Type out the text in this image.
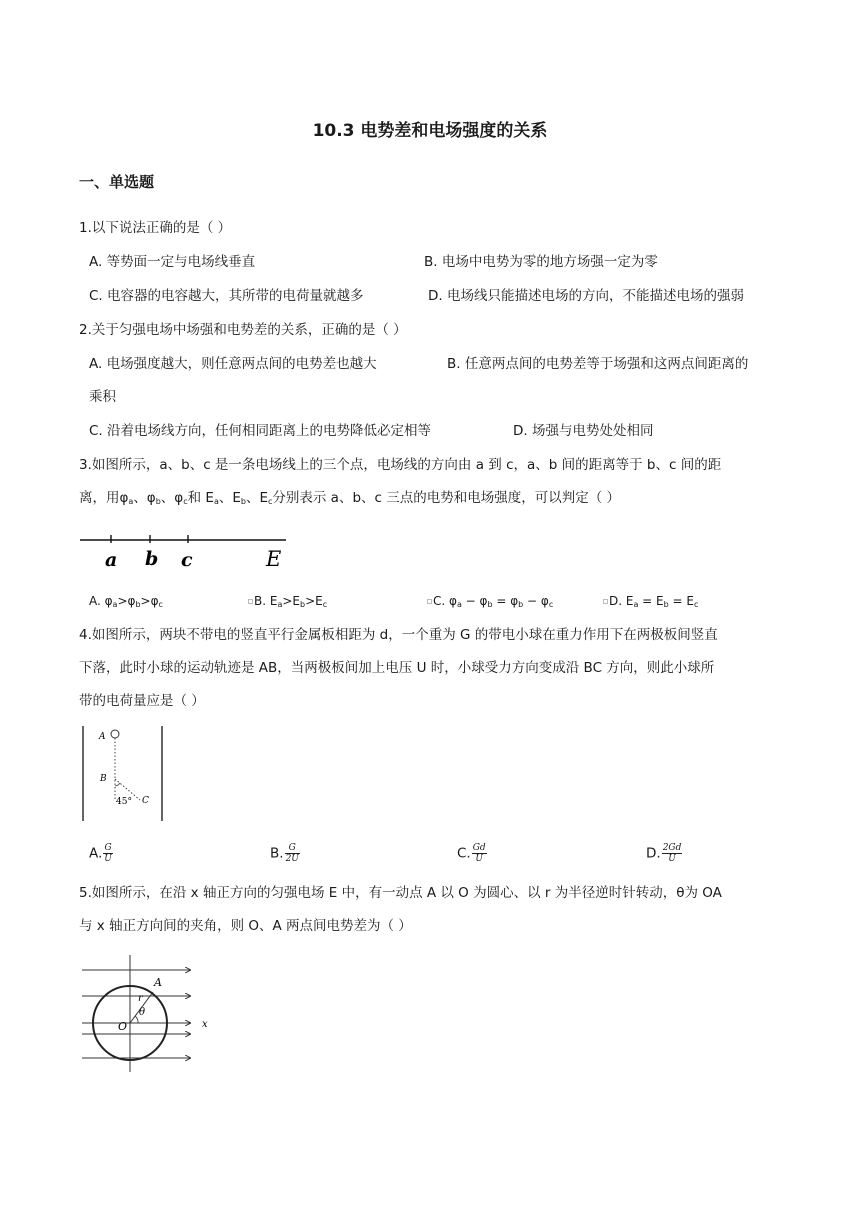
10.3 电势差和电场强度的关系
一、单选题
1.以下说法正确的是（ ）
A. 等势面一定与电场线垂直	B. 电场中电势为零的地方场强一定为零
C. 电容器的电容越大，其所带的电荷量就越多	D. 电场线只能描述电场的方向，不能描述电场的强弱
2.关于匀强电场中场强和电势差的关系，正确的是（ ）
A. 电场强度越大，则任意两点间的电势差也越大	B. 任意两点间的电势差等于场强和这两点间距离的
乘积
C. 沿着电场线方向，任何相同距离上的电势降低必定相等	D. 场强与电势处处相同
3.如图所示，a、b、c 是一条电场线上的三个点，电场线的方向由 a 到 c，a、b 间的距离等于 b、c 间的距
离，用$\varphi_a$、$\varphi_b$、$\varphi_c$和 $E_a$、$E_b$、$E_c$分别表示 a、b、c 三点的电势和电场强度，可以判定（ ）
a b c	E
A. $\varphi_a>\varphi_b>\varphi_c$	B. $E_a>E_b>E_c$	C. $\varphi_a - \varphi_b = \varphi_b - \varphi_c$	D. $E_a = E_b = E_c$
4.如图所示，两块不带电的竖直平行金属板相距为 d，一个重为 G 的带电小球在重力作用下在两极板间竖直
下落，此时小球的运动轨迹是 AB，当两极板间加上电压 U 时，小球受力方向变成沿 BC 方向，则此小球所
带的电荷量应是（ ）
A
B
45° C
A. $\frac{G}{U}$	B. $\frac{G}{2U}$	C. $\frac{Gd}{U}$	D. $\frac{2Gd}{U}$
5.如图所示，在沿 x 轴正方向的匀强电场 E 中，有一动点 A 以 O 为圆心、以 r 为半径逆时针转动，θ为 OA
与 x 轴正方向间的夹角，则 O、A 两点间电势差为（ ）
A
r
θ
O	x
